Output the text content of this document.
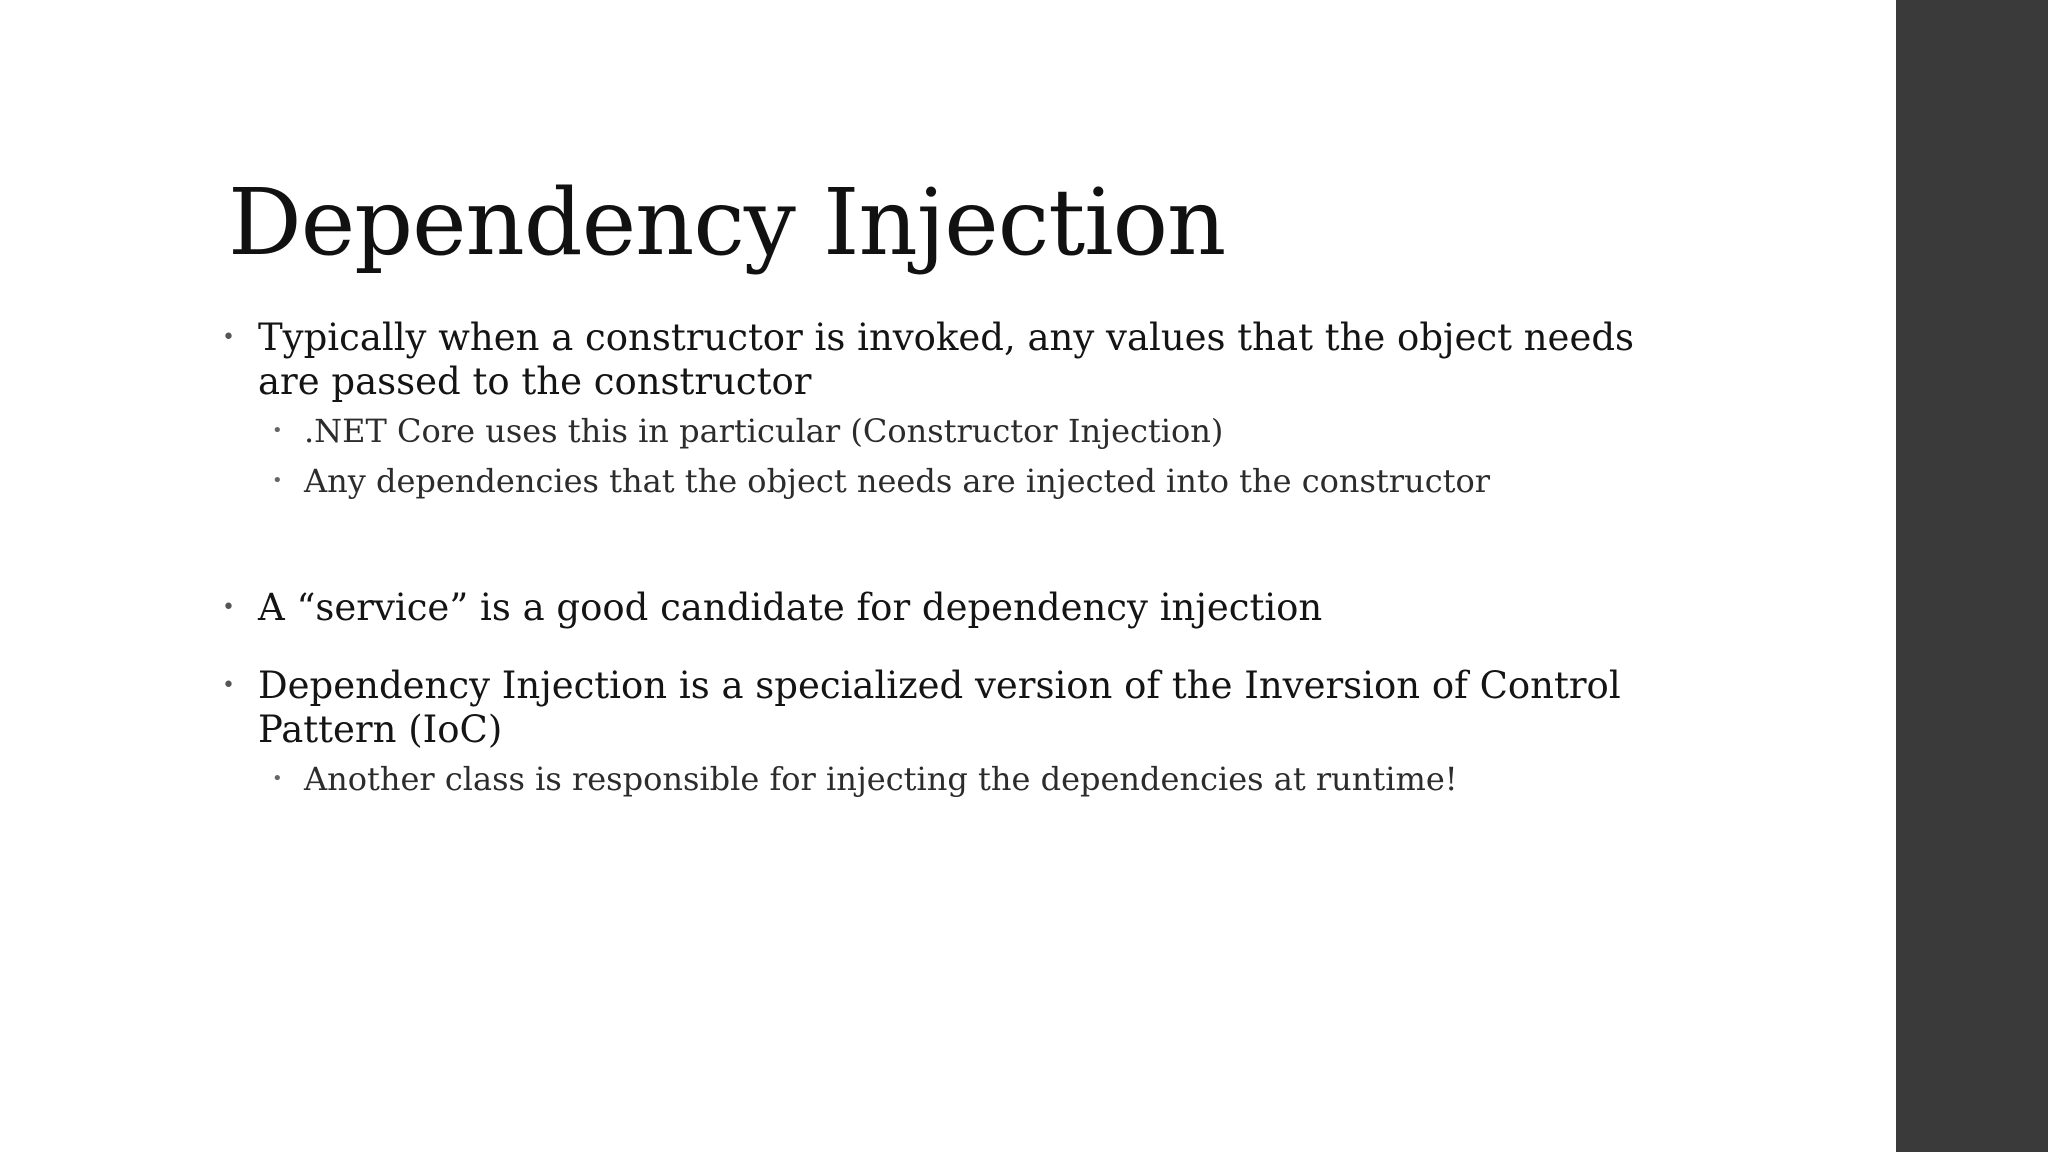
Dependency Injection
• Typically when a constructor is invoked, any values that the object needs are passed to the constructor
• .NET Core uses this in particular (Constructor Injection)
• Any dependencies that the object needs are injected into the constructor
• A “service” is a good candidate for dependency injection
• Dependency Injection is a specialized version of the Inversion of Control Pattern (IoC)
• Another class is responsible for injecting the dependencies at runtime!
